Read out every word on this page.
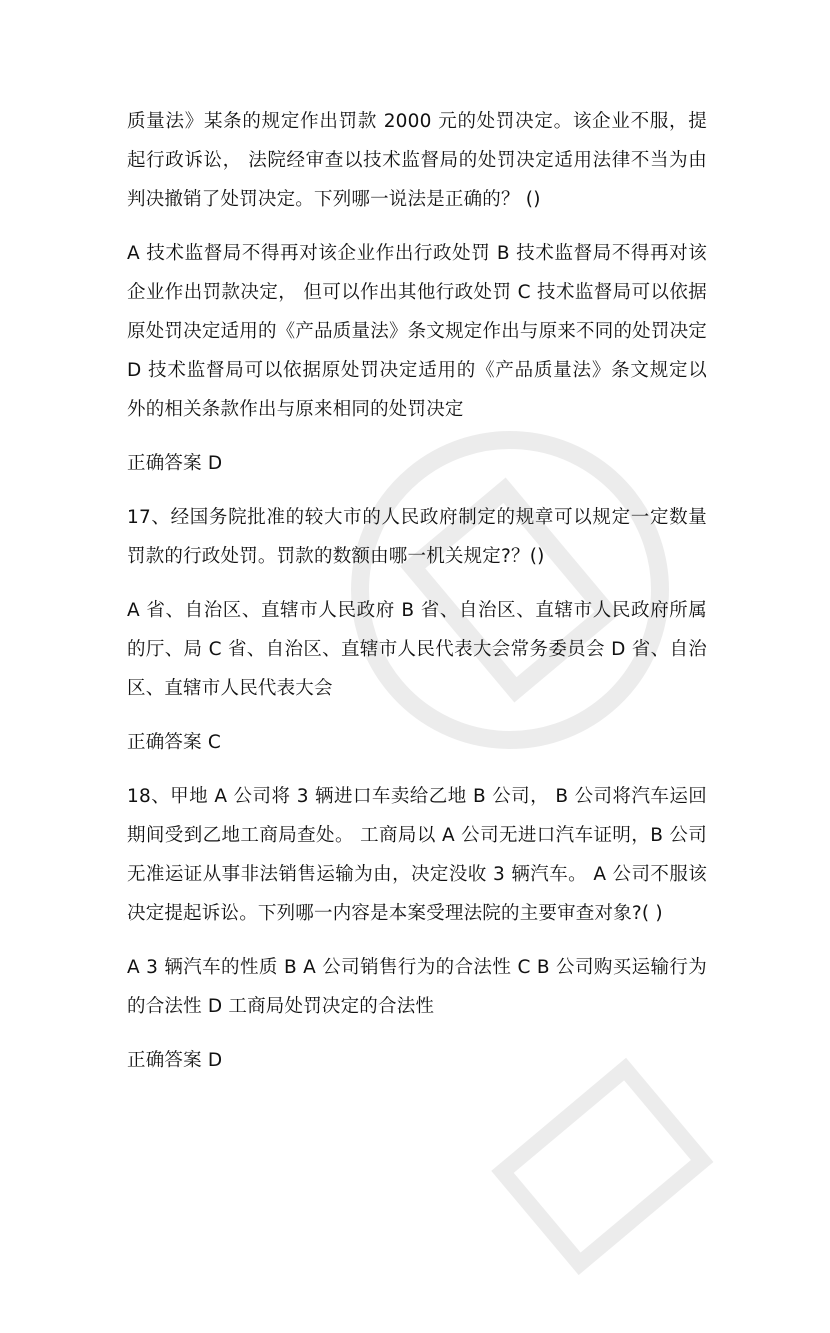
质量法》某条的规定作出罚款 2000 元的处罚决定。该企业不服，提起行政诉讼， 法院经审查以技术监督局的处罚决定适用法律不当为由判决撤销了处罚决定。下列哪一说法是正确的？ ()

A 技术监督局不得再对该企业作出行政处罚 B 技术监督局不得再对该企业作出罚款决定， 但可以作出其他行政处罚 C 技术监督局可以依据原处罚决定适用的《产品质量法》条文规定作出与原来不同的处罚决定 D 技术监督局可以依据原处罚决定适用的《产品质量法》条文规定以外的相关条款作出与原来相同的处罚决定

正确答案 D

17、经国务院批准的较大市的人民政府制定的规章可以规定一定数量罚款的行政处罚。罚款的数额由哪一机关规定?？()

A 省、自治区、直辖市人民政府 B 省、自治区、直辖市人民政府所属的厅、局 C 省、自治区、直辖市人民代表大会常务委员会 D 省、自治区、直辖市人民代表大会

正确答案 C

18、甲地 A 公司将 3 辆进口车卖给乙地 B 公司， B 公司将汽车运回期间受到乙地工商局查处。 工商局以 A 公司无进口汽车证明，B 公司无准运证从事非法销售运输为由，决定没收 3 辆汽车。 A 公司不服该决定提起诉讼。下列哪一内容是本案受理法院的主要审查对象?( )

A 3 辆汽车的性质 B A 公司销售行为的合法性 C B 公司购买运输行为的合法性 D 工商局处罚决定的合法性

正确答案 D
